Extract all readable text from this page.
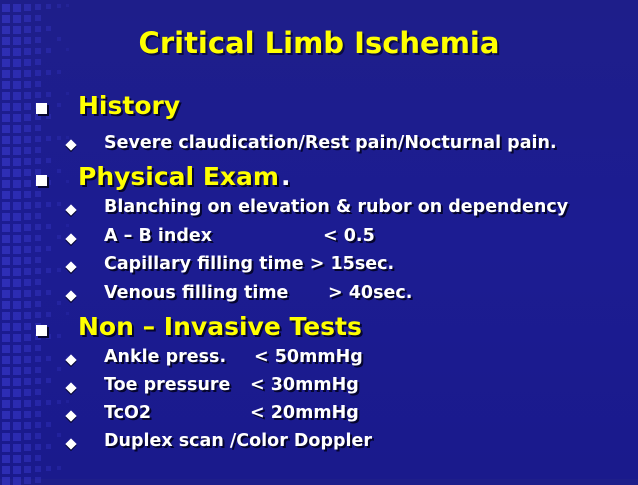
Critical Limb Ischemia
History
Severe claudication/Rest pain/Nocturnal pain.
Physical Exam.
Blanching on elevation & rubor on dependency
A – B index	< 0.5
Capillary filling time > 15sec.
Venous filling time > 40sec.
Non – Invasive Tests
Ankle press. < 50mmHg
Toe pressure < 30mmHg
TcO2	< 20mmHg
Duplex scan /Color Doppler
